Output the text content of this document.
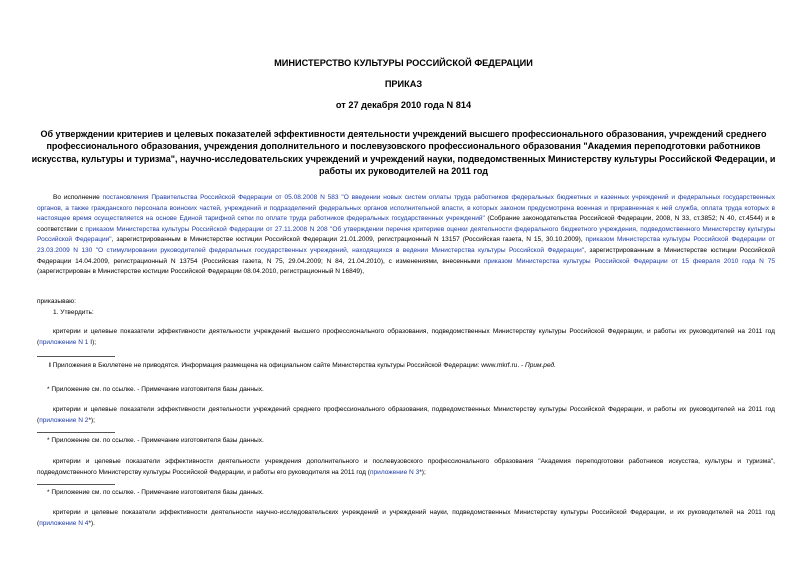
МИНИСТЕРСТВО КУЛЬТУРЫ РОССИЙСКОЙ ФЕДЕРАЦИИ
ПРИКАЗ
от 27 декабря 2010 года N 814
Об утверждении критериев и целевых показателей эффективности деятельности учреждений высшего профессионального образования, учреждений среднего профессионального образования, учреждения дополнительного и послевузовского профессионального образования "Академия переподготовки работников искусства, культуры и туризма", научно-исследовательских учреждений и учреждений науки, подведомственных Министерству культуры Российской Федерации, и работы их руководителей на 2011 год
Во исполнение постановления Правительства Российской Федерации от 05.08.2008 N 583 "О введении новых систем оплаты труда работников федеральных бюджетных и казенных учреждений и федеральных государственных органов, а также гражданского персонала воинских частей, учреждений и подразделений федеральных органов исполнительной власти, в которых законом предусмотрена военная и приравненная к ней служба, оплата труда которых в настоящее время осуществляется на основе Единой тарифной сетки по оплате труда работников федеральных государственных учреждений" (Собрание законодательства Российской Федерации, 2008, N 33, ст.3852; N 40, ст.4544) и в соответствии с приказом Министерства культуры Российской Федерации от 27.11.2008 N 208 "Об утверждении перечня критериев оценки деятельности федерального бюджетного учреждения, подведомственного Министерству культуры Российской Федерации", зарегистрированным в Министерстве юстиции Российской Федерации 21.01.2009, регистрационный N 13157 (Российская газета, N 15, 30.10.2009), приказом Министерства культуры Российской Федерации от 23.03.2009 N 130 "О стимулировании руководителей федеральных государственных учреждений, находящихся в ведении Министерства культуры Российской Федерации", зарегистрированным в Министерстве юстиции Российской Федерации 14.04.2009, регистрационный N 13754 (Российская газета, N 75, 29.04.2009; N 84, 21.04.2010), с изменениями, внесенными приказом Министерства культуры Российской Федерации от 15 февраля 2010 года N 75 (зарегистрирован в Министерстве юстиции Российской Федерации 08.04.2010, регистрационный N 16849),
приказываю:
1. Утвердить:
критерии и целевые показатели эффективности деятельности учреждений высшего профессионального образования, подведомственных Министерству культуры Российской Федерации, и работы их руководителей на 2011 год (приложение N 1 I);
I Приложения в Бюллетене не приводятся. Информация размещена на официальном сайте Министерства культуры Российской Федерации: www.mkrf.ru. - Прим.ред.
* Приложение см. по ссылке. - Примечание изготовителя базы данных.
критерии и целевые показатели эффективности деятельности учреждений среднего профессионального образования, подведомственных Министерству культуры Российской Федерации, и работы их руководителей на 2011 год (приложение N 2*);
* Приложение см. по ссылке. - Примечание изготовителя базы данных.
критерии и целевые показатели эффективности деятельности учреждения дополнительного и послевузовского профессионального образования "Академия переподготовки работников искусства, культуры и туризма", подведомственного Министерству культуры Российской Федерации, и работы его руководителя на 2011 год (приложение N 3*);
* Приложение см. по ссылке. - Примечание изготовителя базы данных.
критерии и целевые показатели эффективности деятельности научно-исследовательских учреждений и учреждений науки, подведомственных Министерству культуры Российской Федерации, и их руководителей на 2011 год (приложение N 4*).
